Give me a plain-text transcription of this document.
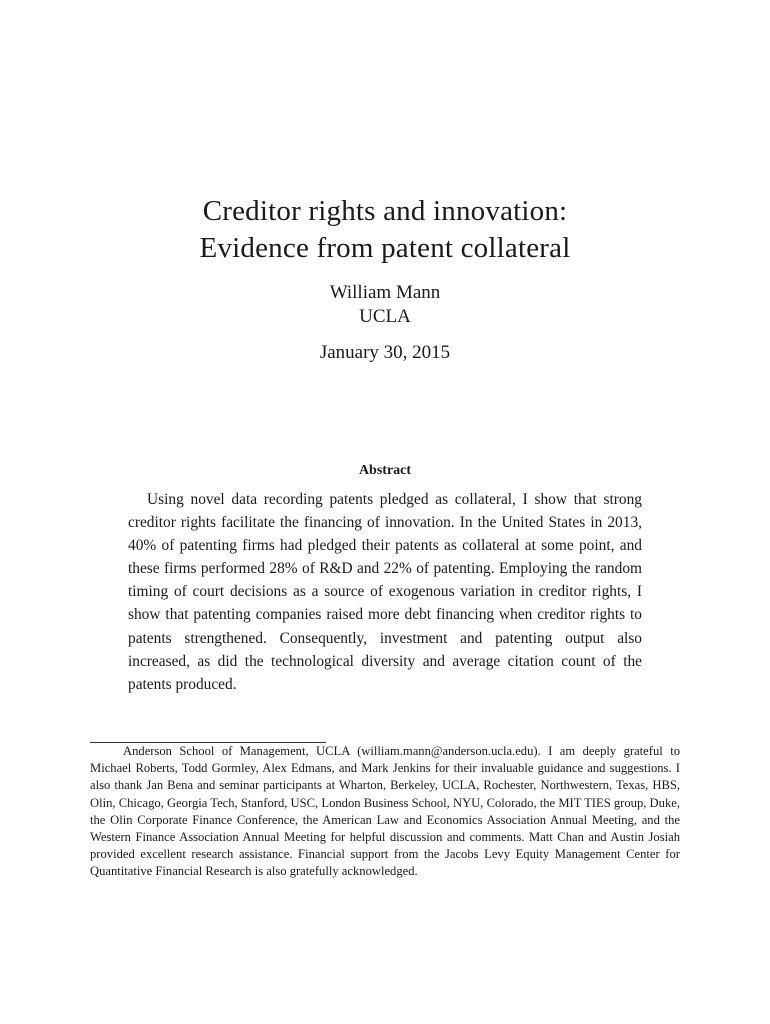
Creditor rights and innovation:
Evidence from patent collateral
William Mann
UCLA
January 30, 2015
Abstract

Using novel data recording patents pledged as collateral, I show that strong creditor rights facilitate the financing of innovation. In the United States in 2013, 40% of patenting firms had pledged their patents as collateral at some point, and these firms performed 28% of R&D and 22% of patenting. Employing the random timing of court decisions as a source of exogenous variation in creditor rights, I show that patenting companies raised more debt financing when creditor rights to patents strengthened. Consequently, investment and patenting output also increased, as did the technological diversity and average citation count of the patents produced.

Anderson School of Management, UCLA (william.mann@anderson.ucla.edu). I am deeply grateful to Michael Roberts, Todd Gormley, Alex Edmans, and Mark Jenkins for their invaluable guidance and suggestions. I also thank Jan Bena and seminar participants at Wharton, Berkeley, UCLA, Rochester, Northwestern, Texas, HBS, Olin, Chicago, Georgia Tech, Stanford, USC, London Business School, NYU, Colorado, the MIT TIES group, Duke, the Olin Corporate Finance Conference, the American Law and Economics Association Annual Meeting, and the Western Finance Association Annual Meeting for helpful discussion and comments. Matt Chan and Austin Josiah provided excellent research assistance. Financial support from the Jacobs Levy Equity Management Center for Quantitative Financial Research is also gratefully acknowledged.
